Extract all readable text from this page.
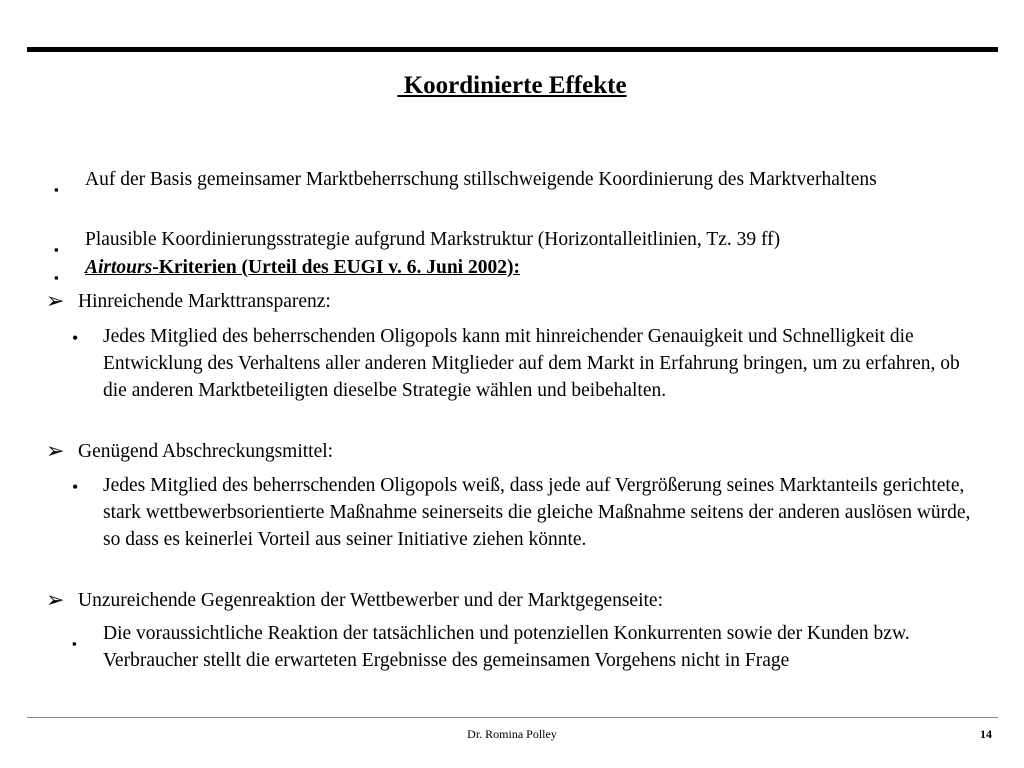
Koordinierte Effekte
▪ Auf der Basis gemeinsamer Marktbeherrschung stillschweigende Koordinierung des Marktverhaltens
▪ Plausible Koordinierungsstrategie aufgrund Markstruktur (Horizontalleitlinien, Tz. 39 ff)
▪ Airtours-Kriterien (Urteil des EUGI v. 6. Juni 2002):
➢ Hinreichende Markttransparenz:
• Jedes Mitglied des beherrschenden Oligopols kann mit hinreichender Genauigkeit und Schnelligkeit die Entwicklung des Verhaltens aller anderen Mitglieder auf dem Markt in Erfahrung bringen, um zu erfahren, ob die anderen Marktbeteiligten dieselbe Strategie wählen und beibehalten.
➢ Genügend Abschreckungsmittel:
• Jedes Mitglied des beherrschenden Oligopols weiß, dass jede auf Vergrößerung seines Marktanteils gerichtete, stark wettbewerbsorientierte Maßnahme seinerseits die gleiche Maßnahme seitens der anderen auslösen würde, so dass es keinerlei Vorteil aus seiner Initiative ziehen könnte.
➢ Unzureichende Gegenreaktion der Wettbewerber und der Marktgegenseite:
▪ Die voraussichtliche Reaktion der tatsächlichen und potenziellen Konkurrenten sowie der Kunden bzw. Verbraucher stellt die erwarteten Ergebnisse des gemeinsamen Vorgehens nicht in Frage
Dr. Romina Polley	14
